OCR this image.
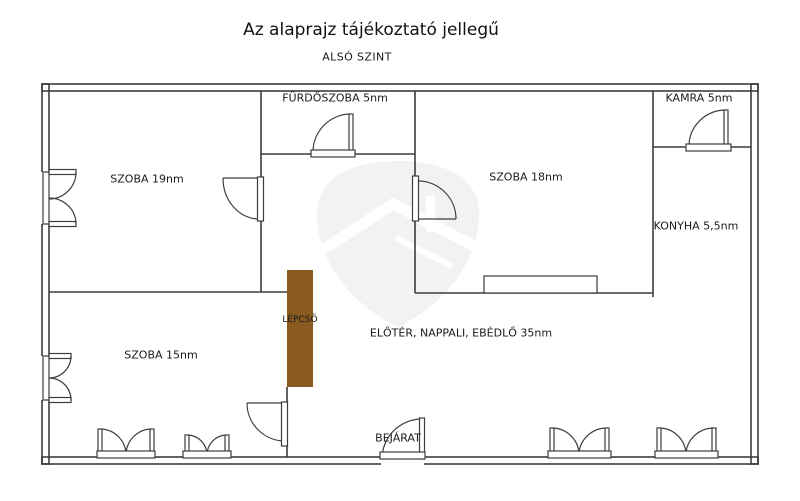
Az alaprajz tájékoztató jellegű
ALSÓ SZINT
FÜRDŐSZOBA 5nm	KAMRA 5nm
SZOBA 19nm	SZOBA 18nm
KONYHA 5,5nm
LÉPCSŐ
ELŐTÉR, NAPPALI, EBÉDLŐ 35nm
SZOBA 15nm
BEJÁRAT
